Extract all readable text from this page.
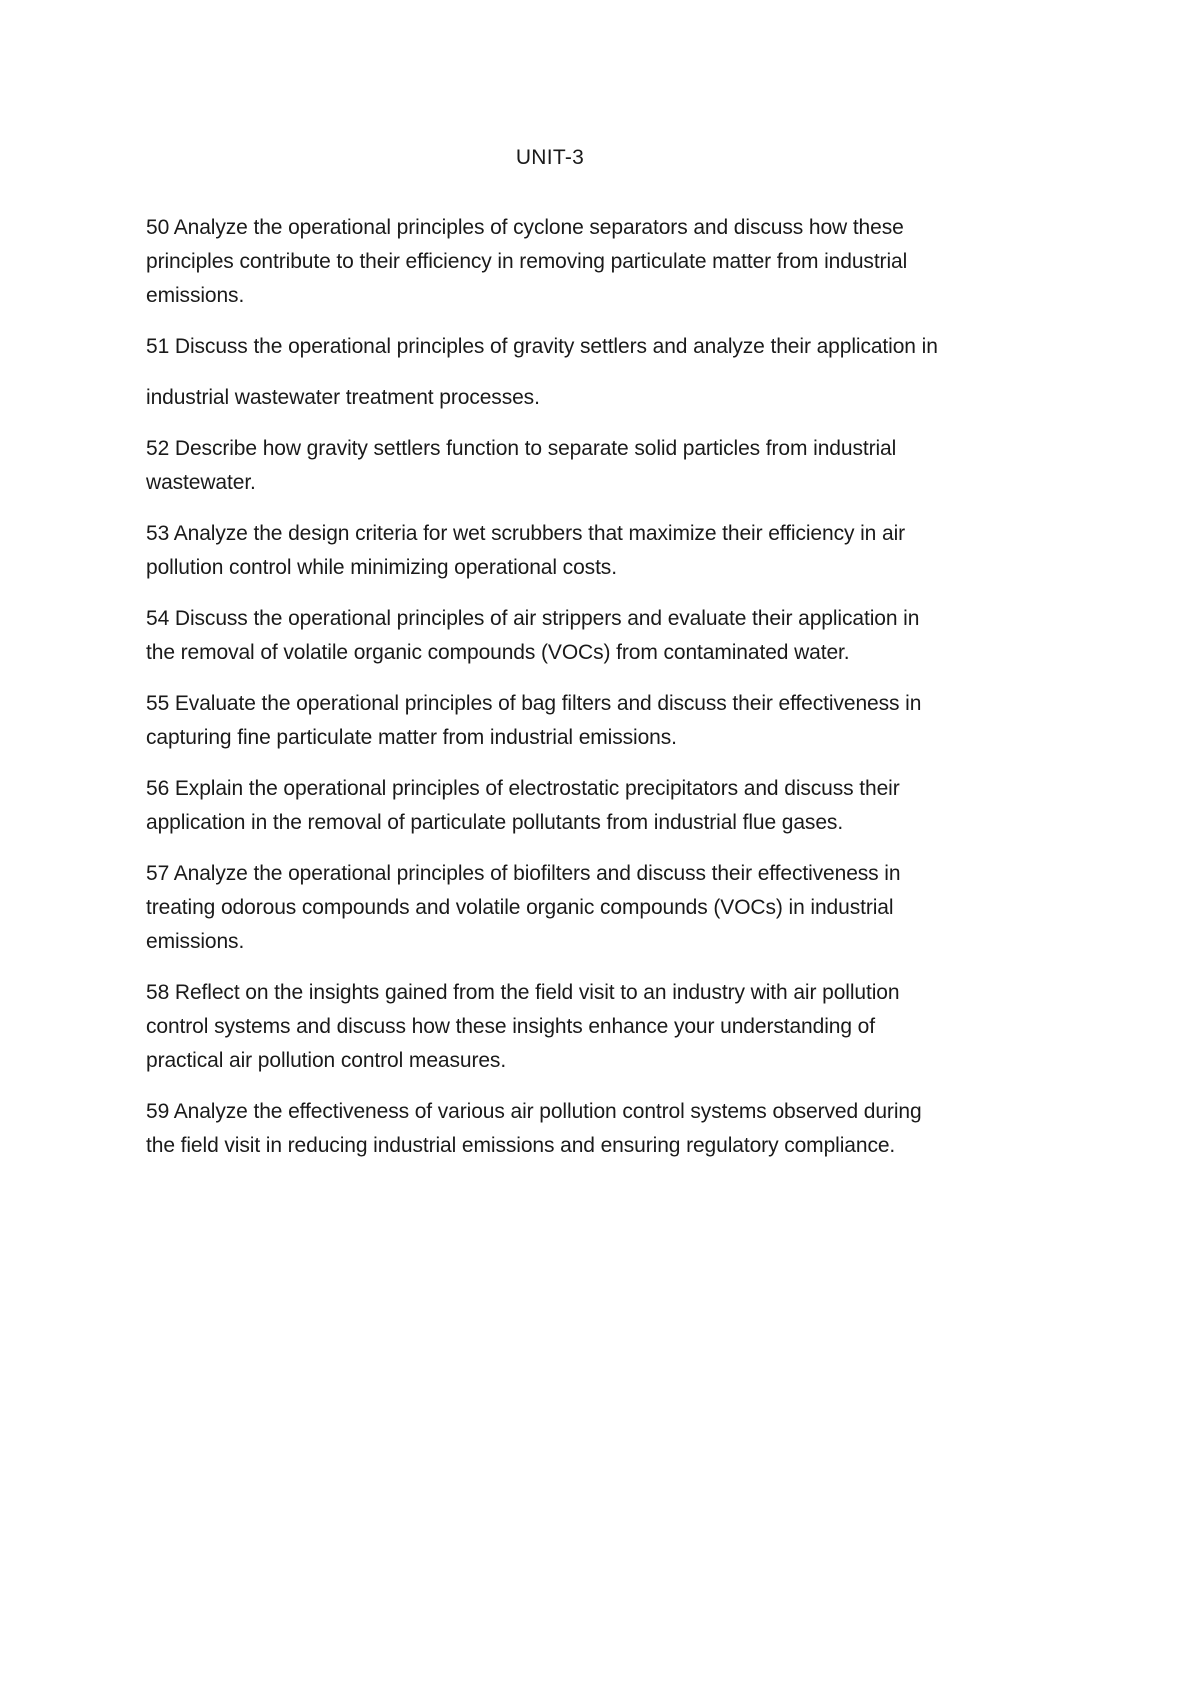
UNIT-3
50 Analyze the operational principles of cyclone separators and discuss how these
principles contribute to their efficiency in removing particulate matter from industrial
emissions.
51 Discuss the operational principles of gravity settlers and analyze their application in
industrial wastewater treatment processes.
52 Describe how gravity settlers function to separate solid particles from industrial
wastewater.
53 Analyze the design criteria for wet scrubbers that maximize their efficiency in air
pollution control while minimizing operational costs.
54 Discuss the operational principles of air strippers and evaluate their application in
the removal of volatile organic compounds (VOCs) from contaminated water.
55 Evaluate the operational principles of bag filters and discuss their effectiveness in
capturing fine particulate matter from industrial emissions.
56 Explain the operational principles of electrostatic precipitators and discuss their
application in the removal of particulate pollutants from industrial flue gases.
57 Analyze the operational principles of biofilters and discuss their effectiveness in
treating odorous compounds and volatile organic compounds (VOCs) in industrial
emissions.
58 Reflect on the insights gained from the field visit to an industry with air pollution
control systems and discuss how these insights enhance your understanding of
practical air pollution control measures.
59 Analyze the effectiveness of various air pollution control systems observed during
the field visit in reducing industrial emissions and ensuring regulatory compliance.
